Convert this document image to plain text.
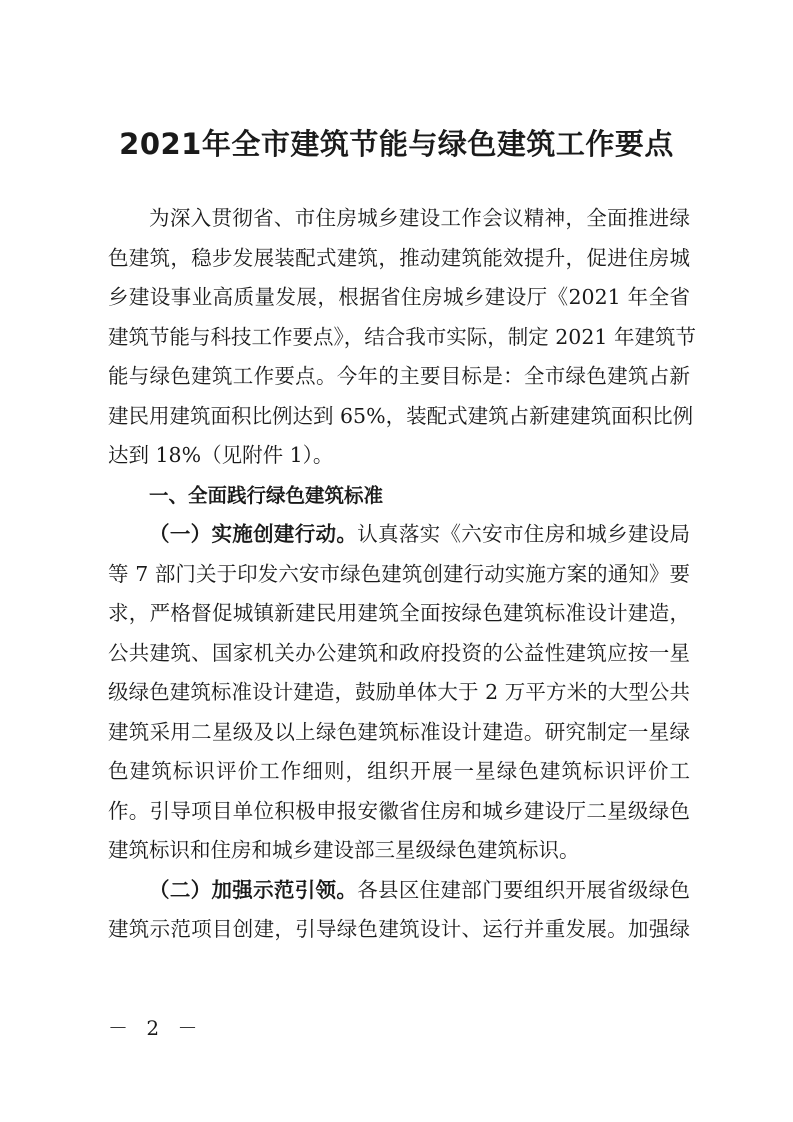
2021年全市建筑节能与绿色建筑工作要点
为深入贯彻省、市住房城乡建设工作会议精神，全面推进绿
色建筑，稳步发展装配式建筑，推动建筑能效提升，促进住房城
乡建设事业高质量发展，根据省住房城乡建设厅《2021 年全省
建筑节能与科技工作要点》，结合我市实际，制定 2021 年建筑节
能与绿色建筑工作要点。今年的主要目标是：全市绿色建筑占新
建民用建筑面积比例达到 65%，装配式建筑占新建建筑面积比例
达到 18%（见附件 1）。
一、全面践行绿色建筑标准
（一）实施创建行动。认真落实《六安市住房和城乡建设局
等 7 部门关于印发六安市绿色建筑创建行动实施方案的通知》要
求，严格督促城镇新建民用建筑全面按绿色建筑标准设计建造，
公共建筑、国家机关办公建筑和政府投资的公益性建筑应按一星
级绿色建筑标准设计建造，鼓励单体大于 2 万平方米的大型公共
建筑采用二星级及以上绿色建筑标准设计建造。研究制定一星绿
色建筑标识评价工作细则，组织开展一星绿色建筑标识评价工
作。引导项目单位积极申报安徽省住房和城乡建设厅二星级绿色
建筑标识和住房和城乡建设部三星级绿色建筑标识。
（二）加强示范引领。各县区住建部门要组织开展省级绿色
建筑示范项目创建，引导绿色建筑设计、运行并重发展。加强绿
－ 2 －
